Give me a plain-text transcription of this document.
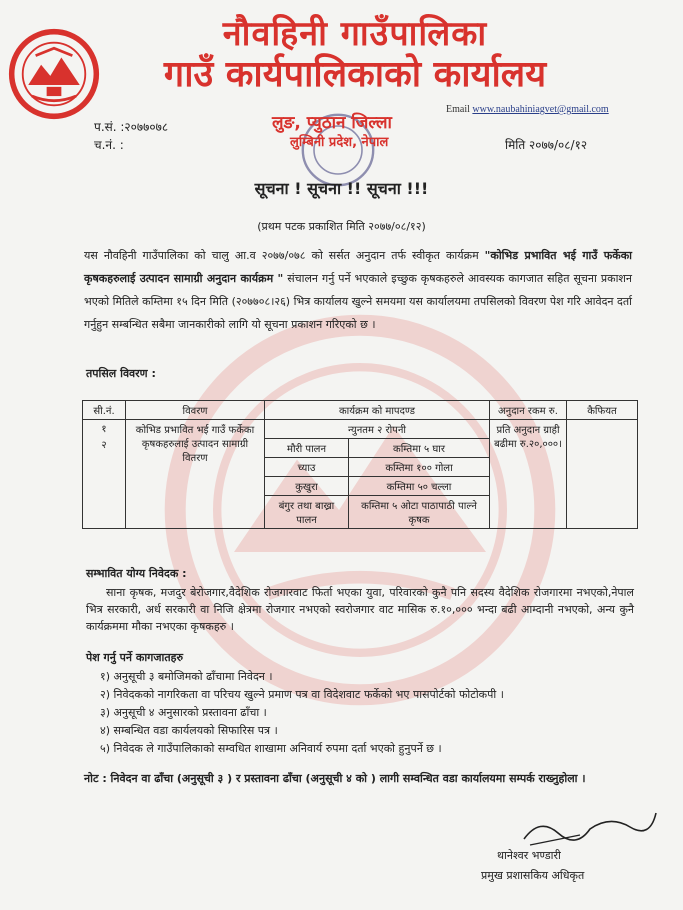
नौवहिनी गाउँपालिका
गाउँ कार्यपालिकाको कार्यालय
Email www.naubahiniagvet@gmail.com
लुङ, प्युठान जिल्ला
लुम्बिनी प्रदेश, नेपाल
प.सं. :२०७७०७८
च.नं. :	मिति २०७७/०८/१२
सूचना ! सूचना !! सूचना !!!
(प्रथम पटक प्रकाशित मिति २०७७/०८/१२)
यस नौवहिनी गाउँपालिका को चालु आ.व २०७७/०७८ को सर्सत अनुदान तर्फ स्वीकृत कार्यक्रम "कोभिड प्रभावित भई गाउँ फर्केका कृषकहरुलाई उत्पादन सामाग्री अनुदान कार्यक्रम " संचालन गर्नु पर्ने भएकाले इच्छुक कृषकहरुले आवस्यक कागजात सहित सूचना प्रकाशन भएको मितिले कम्तिमा १५ दिन मिति (२०७७०८।२६) भित्र कार्यालय खुल्ने समयमा यस कार्यालयमा तपसिलको विवरण पेश गरि आवेदन दर्ता गर्नुहुन सम्बन्धित सबैमा जानकारीको लागि यो सूचना प्रकाशन गरिएको छ ।
तपसिल विवरण :
सी.नं.	विवरण	कार्यक्रम को मापदण्ड		अनुदान रकम रु.	कैफियत

१
२	कोभिड प्रभावित भई गाउँ फर्केका कृषकहरुलाई उत्पादन सामाग्री वितरण	न्युनतम २ रोपनी		प्रति अनुदान ग्राही बढीमा रु.२०,०००।	
		मौरी पालन	कम्तिमा ५ घार		
		च्याउ	कम्तिमा १०० गोला		
		कुखुरा	कम्तिमा ५० चल्ला		
		बंगुर तथा बाख्रा पालन	कम्तिमा ५ ओटा पाठापाठी पाल्ने कृषक		

सम्भावित योग्य निवेदक :
साना कृषक, मजदुर बेरोजगार,वैदेशिक रोजगारवाट फिर्ता भएका युवा, परिवारको कुनै पनि सदस्य वैदेशिक रोजगारमा नभएको,नेपाल भित्र सरकारी, अर्ध सरकारी वा निजि क्षेत्रमा रोजगार नभएको स्वरोजगार वाट मासिक रु.१०,००० भन्दा बढी आम्दानी नभएको, अन्य कुनै कार्यक्रममा मौका नभएका कृषकहरु ।
पेश गर्नु पर्ने कागजातहरु
१) अनुसूची ३ बमोजिमको ढाँचामा निवेदन ।
२) निवेदकको नागरिकता वा परिचय खुल्ने प्रमाण पत्र वा विदेशवाट फर्केको भए पासपोर्टको फोटोकपी ।
३) अनुसूची ४ अनुसारको प्रस्तावना ढाँचा ।
४) सम्बन्धित वडा कार्यलयको सिफारिस पत्र ।
५) निवेदक ले गाउँपालिकाको सम्वधित शाखामा अनिवार्य रुपमा दर्ता भएको हुनुपर्ने छ ।
नोट : निवेदन वा ढाँचा (अनुसूची ३ ) र प्रस्तावना ढाँचा (अनुसूची ४ को ) लागी सम्वन्धित वडा कार्यालयमा सम्पर्क राख्नुहोला ।
थानेश्वर भण्डारी
प्रमुख प्रशासकिय अधिकृत
